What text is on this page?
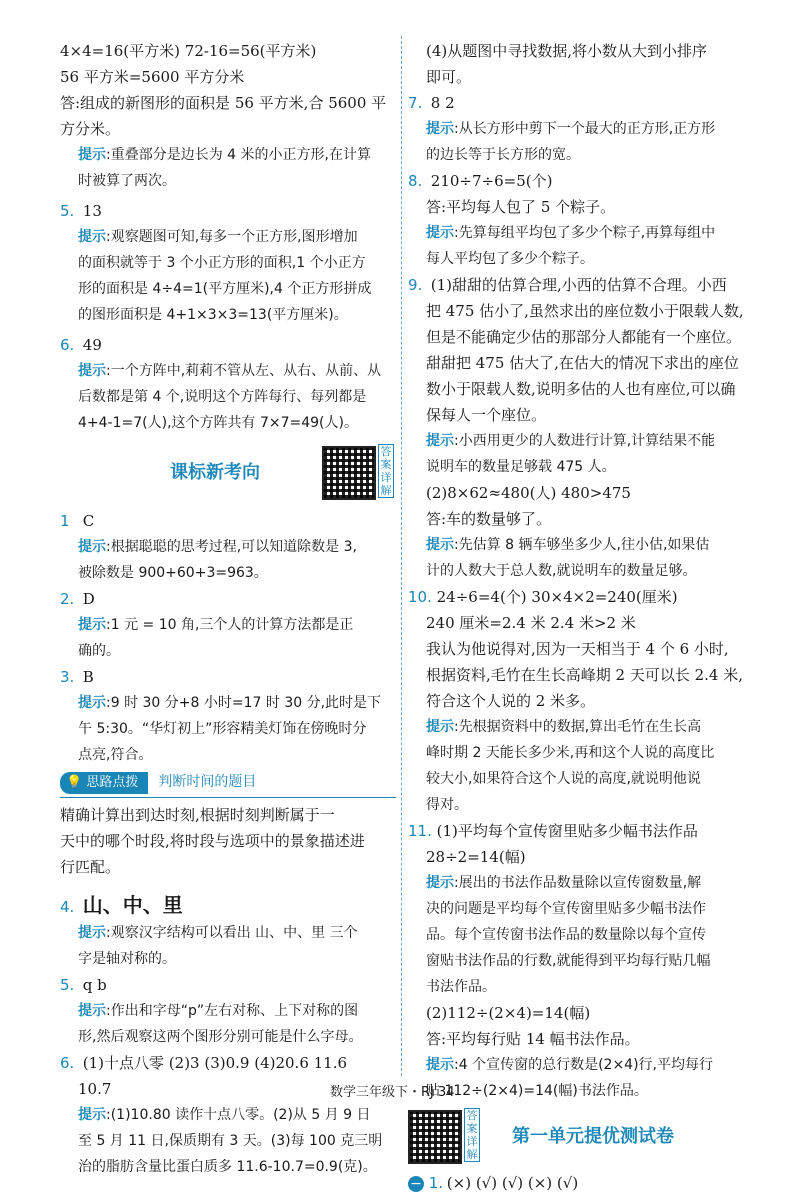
4×4=16(平方米) 72-16=56(平方米)
56 平方米=5600 平方分米
答:组成的新图形的面积是 56 平方米,合 5600 平
方分米。
提示:重叠部分是边长为 4 米的小正方形,在计算
时被算了两次。
5. 13
提示:观察题图可知,每多一个正方形,图形增加
的面积就等于 3 个小正方形的面积,1 个小正方
形的面积是 4÷4=1(平方厘米),4 个正方形拼成
的图形面积是 4+1×3×3=13(平方厘米)。
6. 49
提示:一个方阵中,莉莉不管从左、从右、从前、从
后数都是第 4 个,说明这个方阵每行、每列都是
4+4-1=7(人),这个方阵共有 7×7=49(人)。
课标新考向
答案详解
1 C
提示:根据聪聪的思考过程,可以知道除数是 3,
被除数是 900+60+3=963。
2. D
提示:1 元 = 10 角,三个人的计算方法都是正
确的。
3. B
提示:9 时 30 分+8 小时=17 时 30 分,此时是下
午 5:30。“华灯初上”形容精美灯饰在傍晚时分
点亮,符合。
💡 思路点拨 判断时间的题目
精确计算出到达时刻,根据时刻判断属于一
天中的哪个时段,将时段与选项中的景象描述进
行匹配。
4. 山、中、里
提示:观察汉字结构可以看出 山、中、里 三个
字是轴对称的。
5. q b
提示:作出和字母“p”左右对称、上下对称的图
形,然后观察这两个图形分别可能是什么字母。
6. (1)十点八零 (2)3 (3)0.9 (4)20.6 11.6
10.7
提示:(1)10.80 读作十点八零。(2)从 5 月 9 日
至 5 月 11 日,保质期有 3 天。(3)每 100 克三明
治的脂肪含量比蛋白质多 11.6-10.7=0.9(克)。
(4)从题图中寻找数据,将小数从大到小排序
即可。
7. 8 2
提示:从长方形中剪下一个最大的正方形,正方形
的边长等于长方形的宽。
8. 210÷7÷6=5(个)
答:平均每人包了 5 个粽子。
提示:先算每组平均包了多少个粽子,再算每组中
每人平均包了多少个粽子。
9. (1)甜甜的估算合理,小西的估算不合理。小西
把 475 估小了,虽然求出的座位数小于限载人数,
但是不能确定少估的那部分人都能有一个座位。
甜甜把 475 估大了,在估大的情况下求出的座位
数小于限载人数,说明多估的人也有座位,可以确
保每人一个座位。
提示:小西用更少的人数进行计算,计算结果不能
说明车的数量足够载 475 人。
(2)8×62≈480(人) 480>475
答:车的数量够了。
提示:先估算 8 辆车够坐多少人,往小估,如果估
计的人数大于总人数,就说明车的数量足够。
10. 24÷6=4(个) 30×4×2=240(厘米)
240 厘米=2.4 米 2.4 米>2 米
我认为他说得对,因为一天相当于 4 个 6 小时,
根据资料,毛竹在生长高峰期 2 天可以长 2.4 米,
符合这个人说的 2 米多。
提示:先根据资料中的数据,算出毛竹在生长高
峰时期 2 天能长多少米,再和这个人说的高度比
较大小,如果符合这个人说的高度,就说明他说
得对。
11. (1)平均每个宣传窗里贴多少幅书法作品
28÷2=14(幅)
提示:展出的书法作品数量除以宣传窗数量,解
决的问题是平均每个宣传窗里贴多少幅书法作
品。每个宣传窗书法作品的数量除以每个宣传
窗贴书法作品的行数,就能得到平均每行贴几幅
书法作品。
(2)112÷(2×4)=14(幅)
答:平均每行贴 14 幅书法作品。
提示:4 个宣传窗的总行数是(2×4)行,平均每行
贴 112÷(2×4)=14(幅)书法作品。
答案详解
第一单元提优测试卷
− 1. (×) (√) (√) (×) (√)
数学三年级下・RJ 34
